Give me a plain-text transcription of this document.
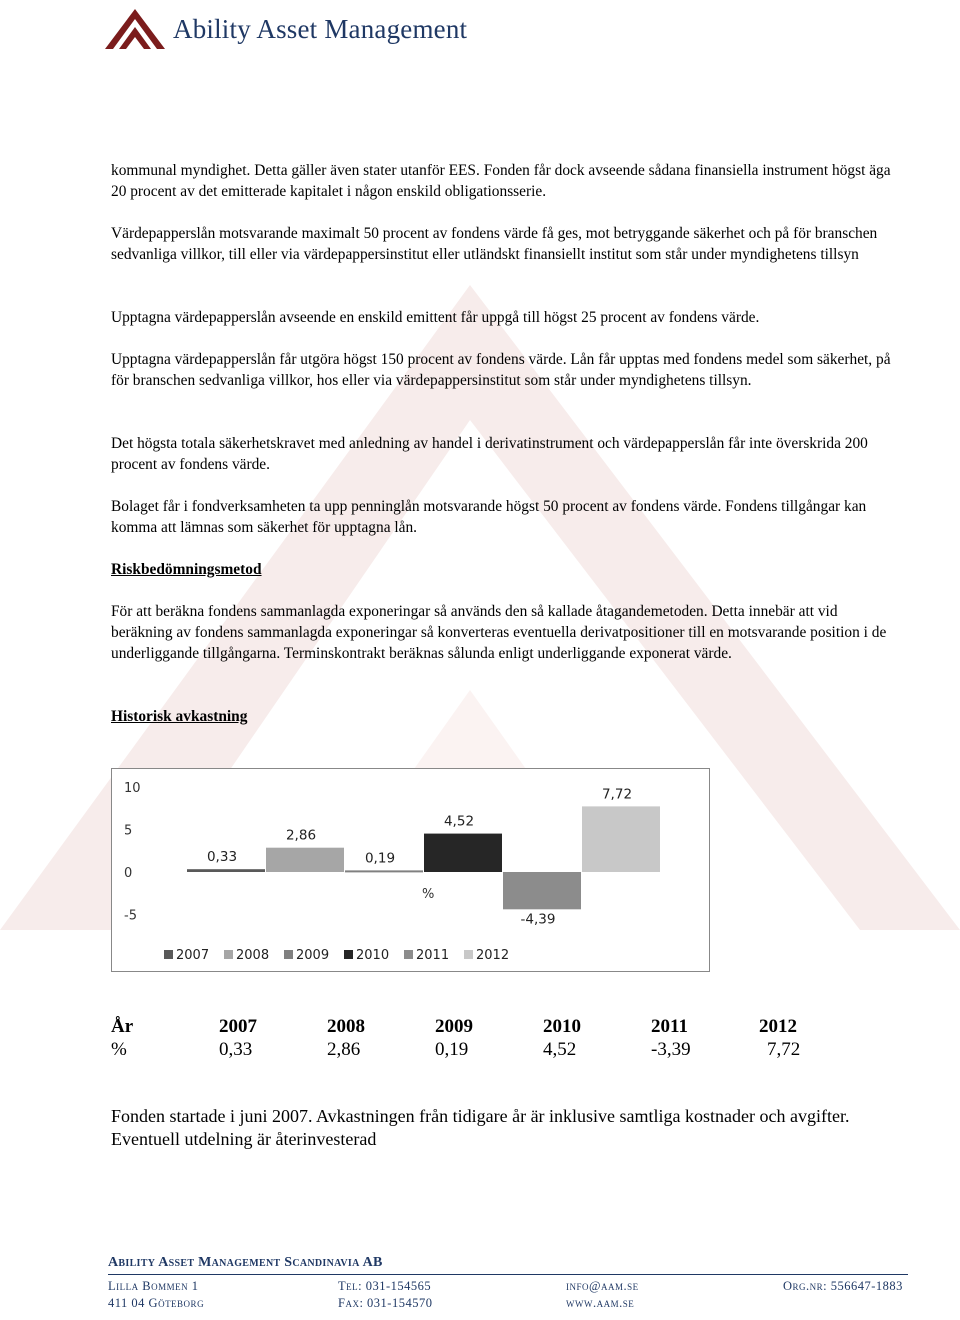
Ability Asset Management

kommunal myndighet. Detta gäller även stater utanför EES. Fonden får dock avseende sådana finansiella instrument högst äga 20 procent av det emitterade kapitalet i någon enskild obligationsserie.

Värdepapperslån motsvarande maximalt 50 procent av fondens värde få ges, mot betryggande säkerhet och på för branschen sedvanliga villkor, till eller via värdepappersinstitut eller utländskt finansiellt institut som står under myndighetens tillsyn

Upptagna värdepapperslån avseende en enskild emittent får uppgå till högst 25 procent av fondens värde.

Upptagna värdepapperslån får utgöra högst 150 procent av fondens värde. Lån får upptas med fondens medel som säkerhet, på för branschen sedvanliga villkor, hos eller via värdepappersinstitut som står under myndighetens tillsyn.

Det högsta totala säkerhetskravet med anledning av handel i derivatinstrument och värdepapperslån får inte överskrida 200 procent av fondens värde.

Bolaget får i fondverksamheten ta upp penninglån motsvarande högst 50 procent av fondens värde. Fondens tillgångar kan komma att lämnas som säkerhet för upptagna lån.

Riskbedömningsmetod

För att beräkna fondens sammanlagda exponeringar så används den så kallade åtagandemetoden. Detta innebär att vid beräkning av fondens sammanlagda exponeringar så konverteras eventuella derivatpositioner till en motsvarande position i de underliggande tillgångarna. Terminskontrakt beräknas sålunda enligt underliggande exponerat värde.

Historisk avkastning

10
5
0
-5
0,33
2,86
0,19
4,52
-4,39
7,72
%
2007 2008 2009 2010 2011 2012
År	2007	2008	2009	2010	2011	2012
%	0,33	2,86	0,19	4,52	-3,39	7,72

Fonden startade i juni 2007. Avkastningen från tidigare år är inklusive samtliga kostnader och avgifter. Eventuell utdelning är återinvesterad

Ability Asset Management Scandinavia AB
Lilla Bommen 1
411 04 Göteborg
Tel: 031-154565
Fax: 031-154570
info@aam.se
www.aam.se
Org.nr: 556647-1883
